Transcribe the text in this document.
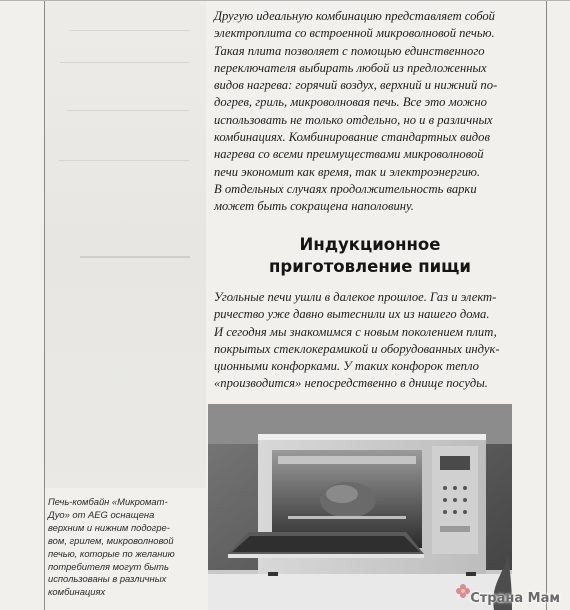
Другую идеальную комбинацию представляет собой
электроплита со встроенной микроволновой печью.
Такая плита позволяет с помощью единственного
переключателя выбирать любой из предложенных
видов нагрева: горячий воздух, верхний и нижний по-
догрев, гриль, микроволновая печь. Все это можно
использовать не только отдельно, но и в различных
комбинациях. Комбинирование стандартных видов
нагрева со всеми преимуществами микроволновой
печи экономит как время, так и электроэнергию.
В отдельных случаях продолжительность варки
может быть сокращена наполовину.
Индукционное
приготовление пищи
Угольные печи ушли в далекое прошлое. Газ и элект-
ричество уже давно вытеснили их из нашего дома.
И сегодня мы знакомимся с новым поколением плит,
покрытых стеклокерамикой и оборудованных индук-
ционными конфорками. У таких конфорок тепло
«производится» непосредственно в днище посуды.
Печь-комбайн «Микромат-
Дуо» от AEG оснащена
верхним и нижним подогре-
вом, грилем, микроволновой
печью, которые по желанию
потребителя могут быть
использованы в различных
комбинациях	Страна Мам
